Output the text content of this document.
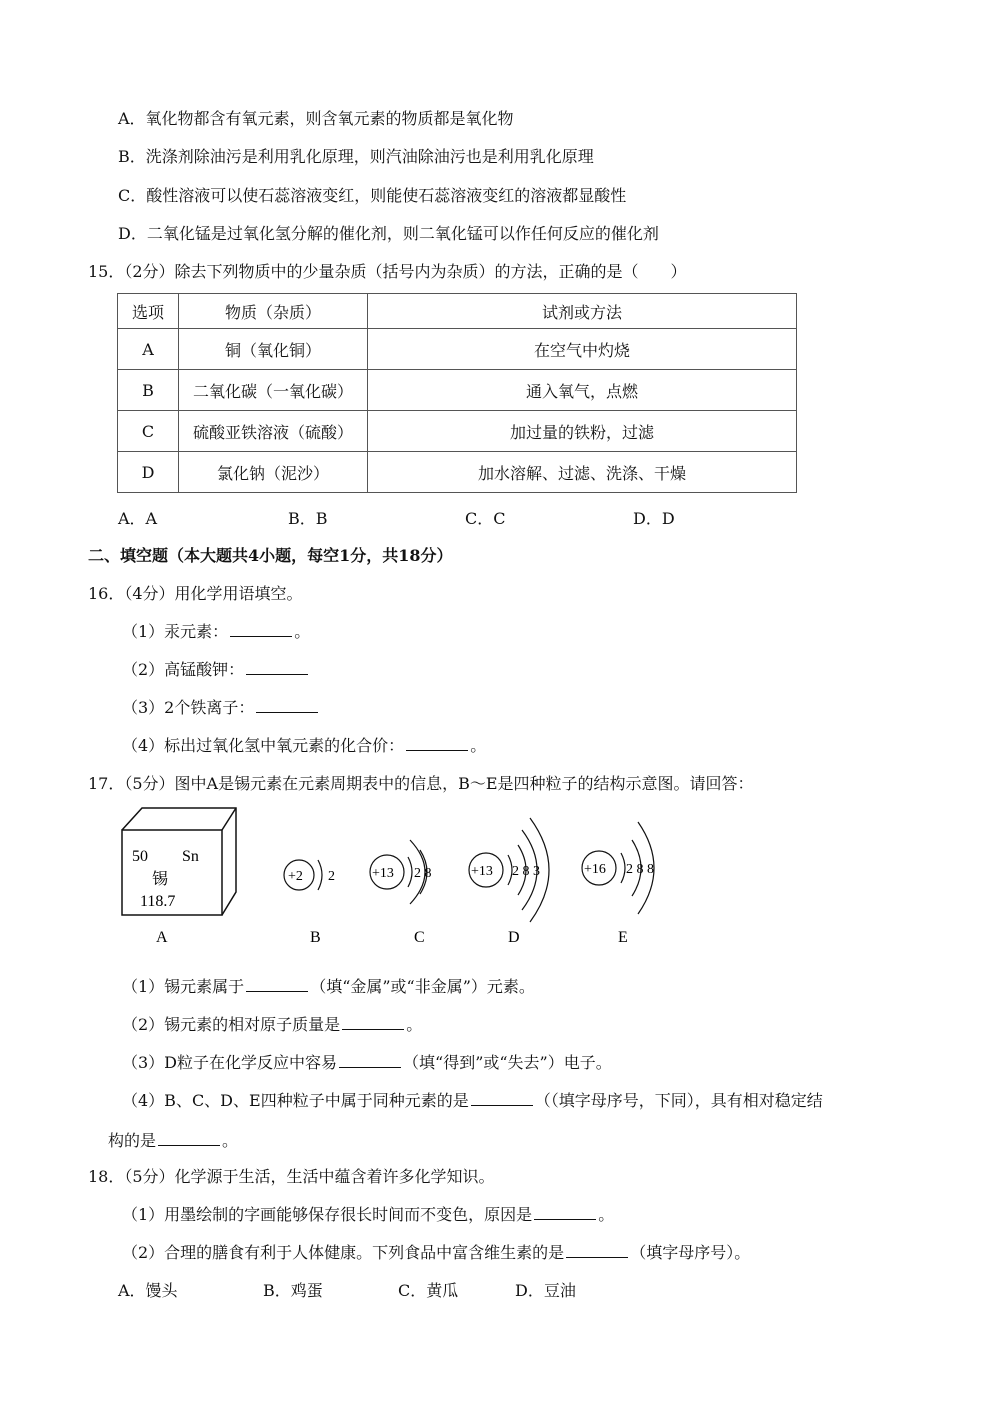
A．氧化物都含有氧元素，则含氧元素的物质都是氧化物
B．洗涤剂除油污是利用乳化原理，则汽油除油污也是利用乳化原理
C．酸性溶液可以使石蕊溶液变红，则能使石蕊溶液变红的溶液都显酸性
D．二氧化锰是过氧化氢分解的催化剂，则二氧化锰可以作任何反应的催化剂
15．（2分）除去下列物质中的少量杂质（括号内为杂质）的方法，正确的是（　　）
选项	物质（杂质）	试剂或方法
A	铜（氧化铜）	在空气中灼烧
B	二氧化碳（一氧化碳）	通入氧气，点燃
C	硫酸亚铁溶液（硫酸）	加过量的铁粉，过滤
D	氯化钠（泥沙）	加水溶解、过滤、洗涤、干燥
A．A	B．B	C．C	D．D
二、填空题（本大题共4小题，每空1分，共18分）
16．（4分）用化学用语填空。
（1）汞元素：	。
（2）高锰酸钾：
（3）2个铁离子：
（4）标出过氧化氢中氧元素的化合价：	。
17．（5分）图中A是锡元素在元素周期表中的信息，B～E是四种粒子的结构示意图。请回答：
50 Sn
锡
118.7
A
+2 2
B
+13 2 8
C
+13 2 8 3
D
+16 2 8 8
E
（1）锡元素属于	（填“金属”或“非金属”）元素。
（2）锡元素的相对原子质量是	。
（3）D粒子在化学反应中容易	（填“得到”或“失去”）电子。
（4）B、C、D、E四种粒子中属于同种元素的是	（（填字母序号，下同），具有相对稳定结
构的是	。
18．（5分）化学源于生活，生活中蕴含着许多化学知识。
（1）用墨绘制的字画能够保存很长时间而不变色，原因是	。
（2）合理的膳食有利于人体健康。下列食品中富含维生素的是	（填字母序号）。
A．馒头	B．鸡蛋	C．黄瓜	D．豆油
